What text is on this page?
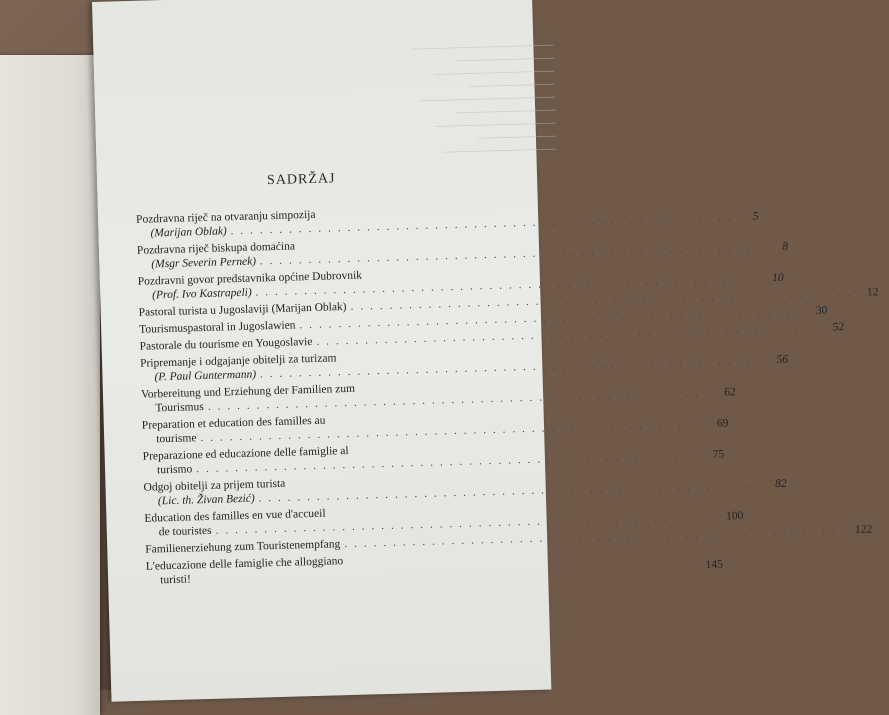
────────────────────
──────────────
─────────────────
────────────
───────────────────
──────────────
─────────────────
───────────
────────────────
SADRŽAJ
Pozdravna riječ na otvaranju simpozija
(Marijan Oblak)
. . .
5
Pozdravna riječ biskupa domaćina
(Msgr Severin Pernek)
. . .
8
Pozdravni govor predstavnika općine Dubrovnik
(Prof. Ivo Kastrapeli)
. . .
10
Pastoral turista u Jugoslaviji (Marijan Oblak)
. . .
12
Tourismuspastoral in Jugoslawien
. . .
30
Pastorale du tourisme en Yougoslavie
. . .
52
Pripremanje i odgajanje obitelji za turizam
(P. Paul Guntermann)
. . .
56
Vorbereitung und Erziehung der Familien zum
Tourismus
. . .
62
Preparation et education des familles au
tourisme
. . .
69
Preparazione ed educazione delle famiglie al
turismo
. . .
75
Odgoj obitelji za prijem turista
(Lic. th. Živan Bezić)
. . .
82
Education des familles en vue d'accueil
de touristes
. . .
100
Familienerziehung zum Touristenempfang
. . .
122
L'educazione delle famiglie che alloggiano
turisti!
145
